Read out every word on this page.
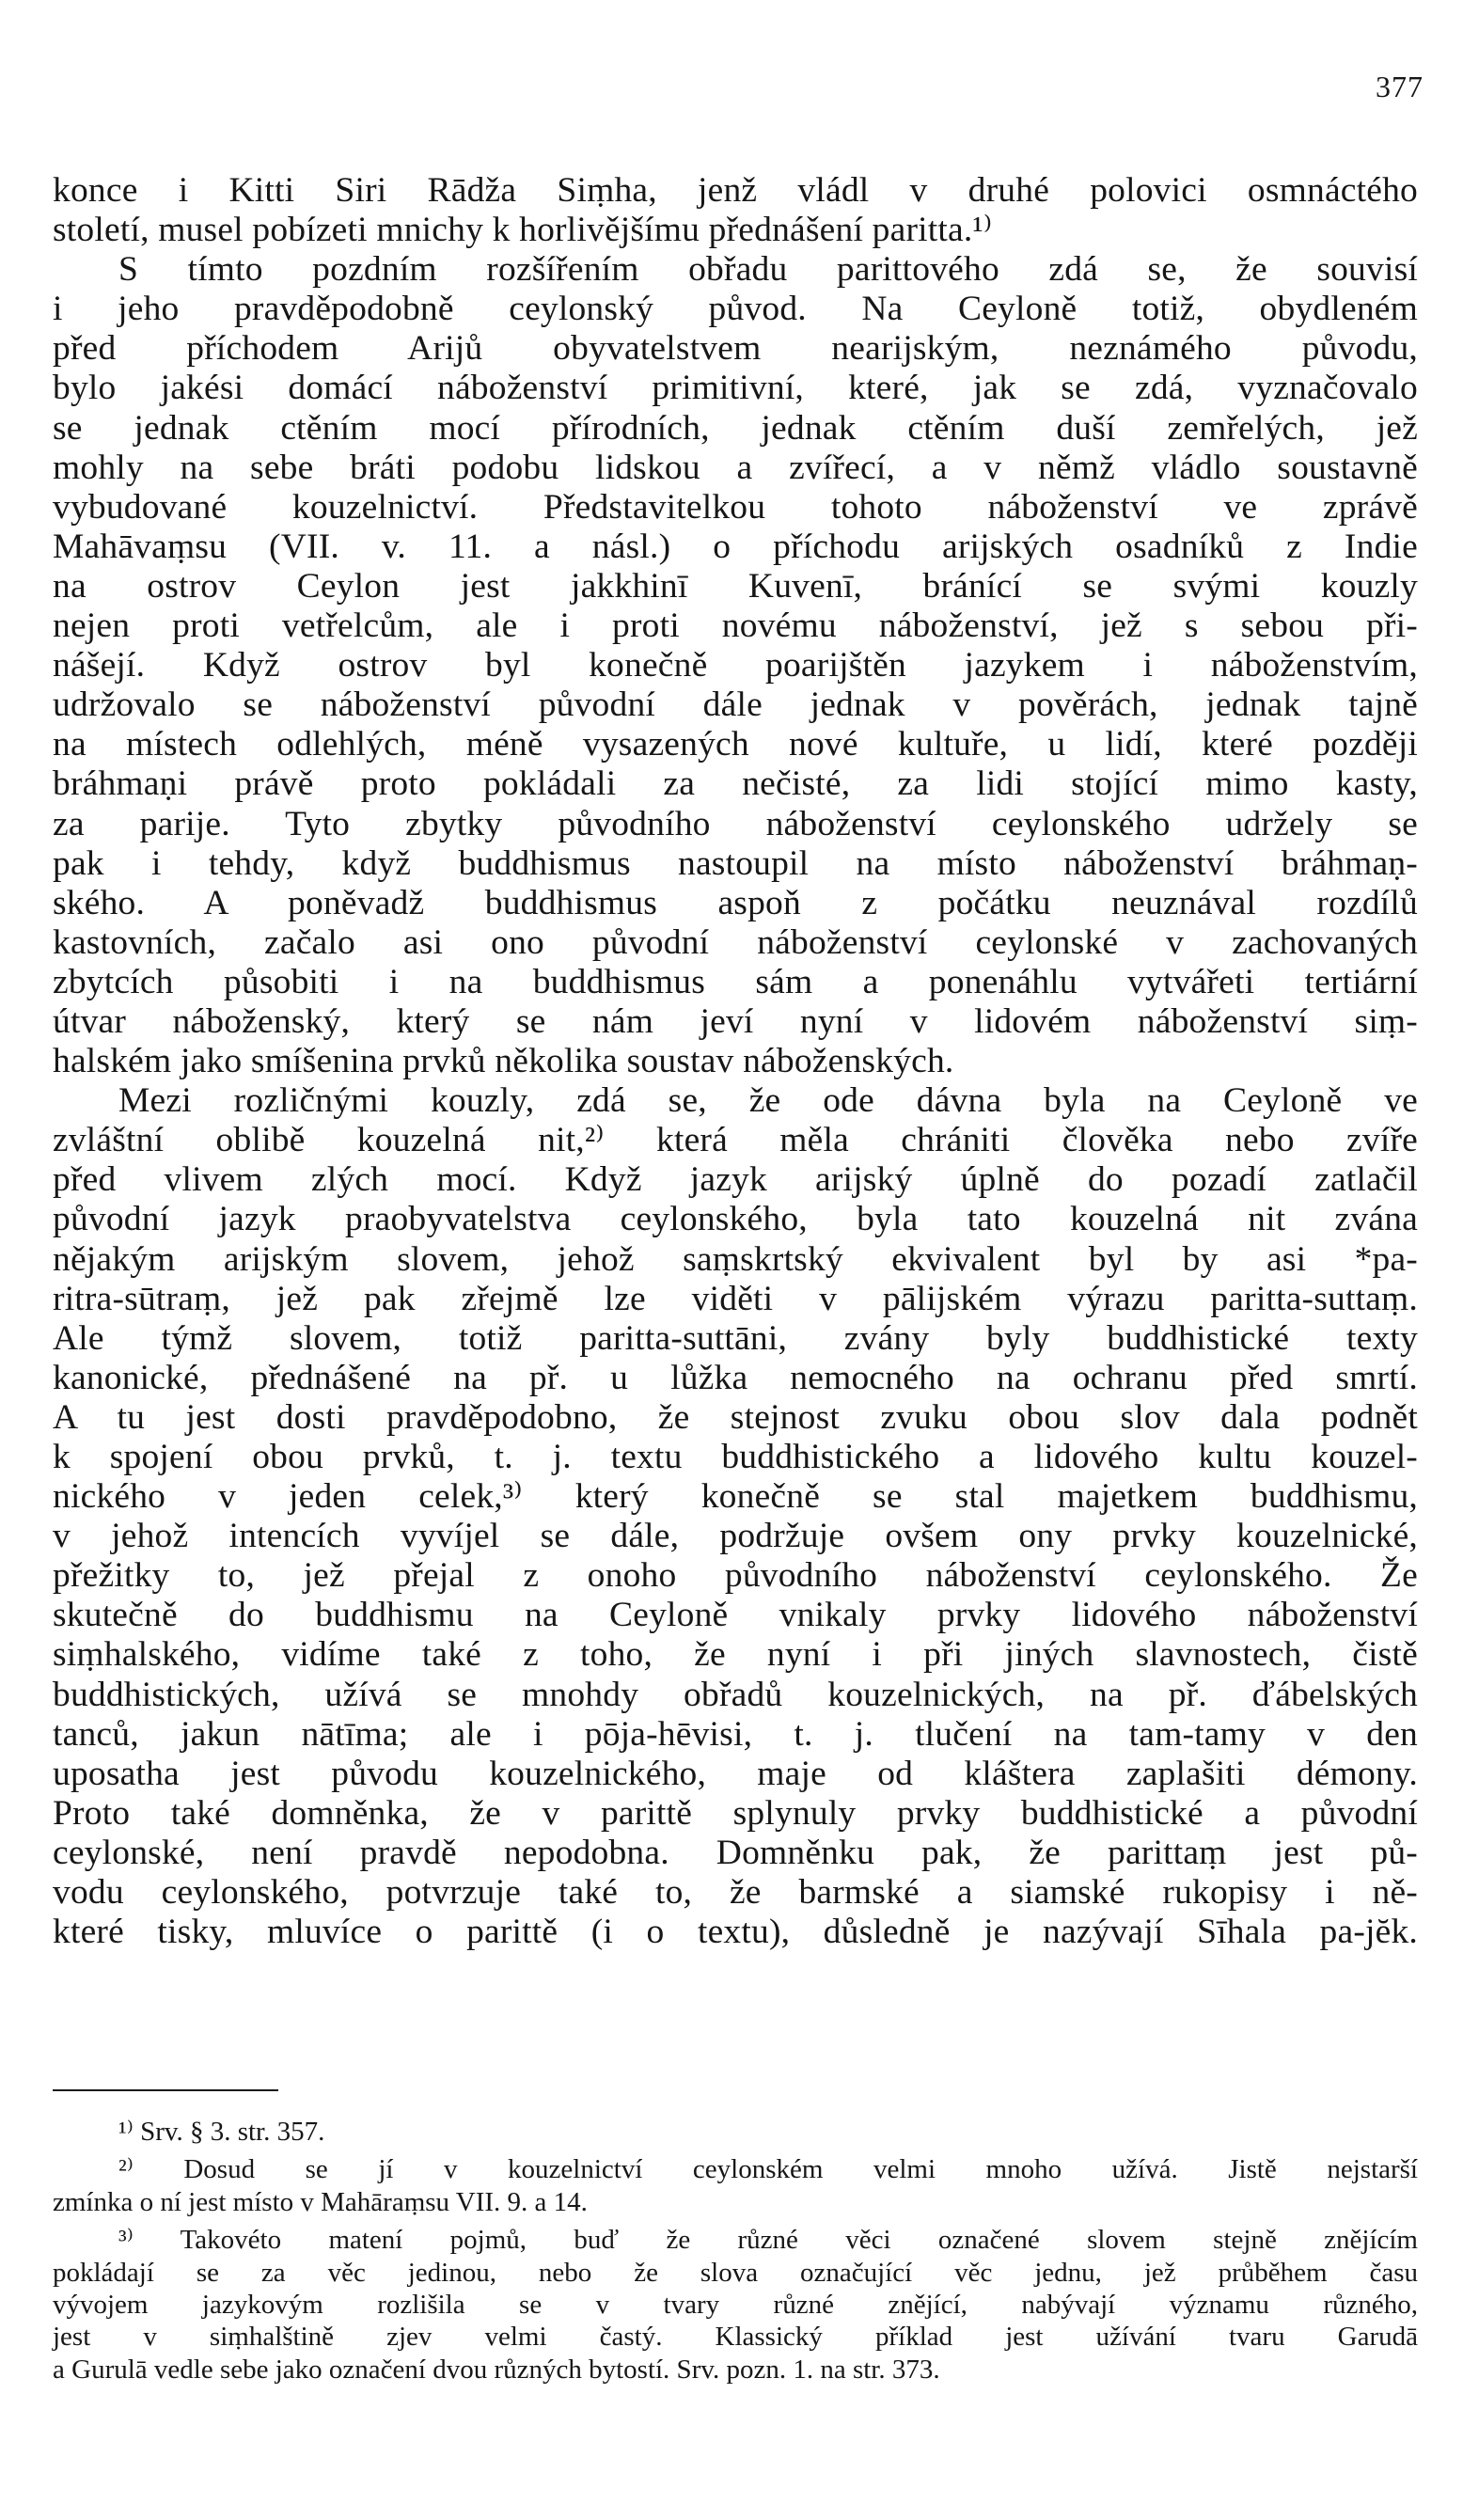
377
konce i Kitti Siri Rādža Siṃha, jenž vládl v druhé polovici osmnáctého
století, musel pobízeti mnichy k horlivějšímu přednášení paritta.¹⁾
S tímto pozdním rozšířením obřadu parittového zdá se, že souvisí
i jeho pravděpodobně ceylonský původ. Na Ceyloně totiž, obydleném
před příchodem Arijů obyvatelstvem nearijským, neznámého původu,
bylo jakési domácí náboženství primitivní, které, jak se zdá, vyznačovalo
se jednak ctěním mocí přírodních, jednak ctěním duší zemřelých, jež
mohly na sebe bráti podobu lidskou a zvířecí, a v němž vládlo soustavně
vybudované kouzelnictví. Představitelkou tohoto náboženství ve zprávě
Mahāvaṃsu (VII. v. 11. a násl.) o příchodu arijských osadníků z Indie
na ostrov Ceylon jest jakkhinī Kuvenī, bránící se svými kouzly
nejen proti vetřelcům, ale i proti novému náboženství, jež s sebou při-
nášejí. Když ostrov byl konečně poarijštěn jazykem i náboženstvím,
udržovalo se náboženství původní dále jednak v pověrách, jednak tajně
na místech odlehlých, méně vysazených nové kultuře, u lidí, které později
bráhmaṇi právě proto pokládali za nečisté, za lidi stojící mimo kasty,
za parije. Tyto zbytky původního náboženství ceylonského udržely se
pak i tehdy, když buddhismus nastoupil na místo náboženství bráhmaṇ-
ského. A poněvadž buddhismus aspoň z počátku neuznával rozdílů
kastovních, začalo asi ono původní náboženství ceylonské v zachovaných
zbytcích působiti i na buddhismus sám a ponenáhlu vytvářeti tertiární
útvar náboženský, který se nám jeví nyní v lidovém náboženství siṃ-
halském jako smíšenina prvků několika soustav náboženských.
Mezi rozličnými kouzly, zdá se, že ode dávna byla na Ceyloně ve
zvláštní oblibě kouzelná nit,²⁾ která měla chrániti člověka nebo zvíře
před vlivem zlých mocí. Když jazyk arijský úplně do pozadí zatlačil
původní jazyk praobyvatelstva ceylonského, byla tato kouzelná nit zvána
nějakým arijským slovem, jehož saṃskrtský ekvivalent byl by asi *pa-
ritra-sūtraṃ, jež pak zřejmě lze viděti v pālijském výrazu paritta-suttaṃ.
Ale týmž slovem, totiž paritta-suttāni, zvány byly buddhistické texty
kanonické, přednášené na př. u lůžka nemocného na ochranu před smrtí.
A tu jest dosti pravděpodobno, že stejnost zvuku obou slov dala podnět
k spojení obou prvků, t. j. textu buddhistického a lidového kultu kouzel-
nického v jeden celek,³⁾ který konečně se stal majetkem buddhismu,
v jehož intencích vyvíjel se dále, podržuje ovšem ony prvky kouzelnické,
přežitky to, jež přejal z onoho původního náboženství ceylonského. Že
skutečně do buddhismu na Ceyloně vnikaly prvky lidového náboženství
siṃhalského, vidíme také z toho, že nyní i při jiných slavnostech, čistě
buddhistických, užívá se mnohdy obřadů kouzelnických, na př. ďábelských
tanců, jakun nātīma; ale i pōja-hēvisi, t. j. tlučení na tam-tamy v den
uposatha jest původu kouzelnického, maje od kláštera zaplašiti démony.
Proto také domněnka, že v parittě splynuly prvky buddhistické a původní
ceylonské, není pravdě nepodobna. Domněnku pak, že parittaṃ jest pů-
vodu ceylonského, potvrzuje také to, že barmské a siamské rukopisy i ně-
které tisky, mluvíce o parittě (i o textu), důsledně je nazývají Sīhala pa-jĕk.
¹⁾ Srv. § 3. str. 357.
²⁾ Dosud se jí v kouzelnictví ceylonském velmi mnoho užívá. Jistě nejstarší
zmínka o ní jest místo v Mahāraṃsu VII. 9. a 14.
³⁾ Takovéto matení pojmů, buď že různé věci označené slovem stejně znějícím
pokládají se za věc jedinou, nebo že slova označující věc jednu, jež průběhem času
vývojem jazykovým rozlišila se v tvary různé znějící, nabývají významu různého,
jest v siṃhalštině zjev velmi častý. Klassický příklad jest užívání tvaru Garudā
a Gurulā vedle sebe jako označení dvou různých bytostí. Srv. pozn. 1. na str. 373.
